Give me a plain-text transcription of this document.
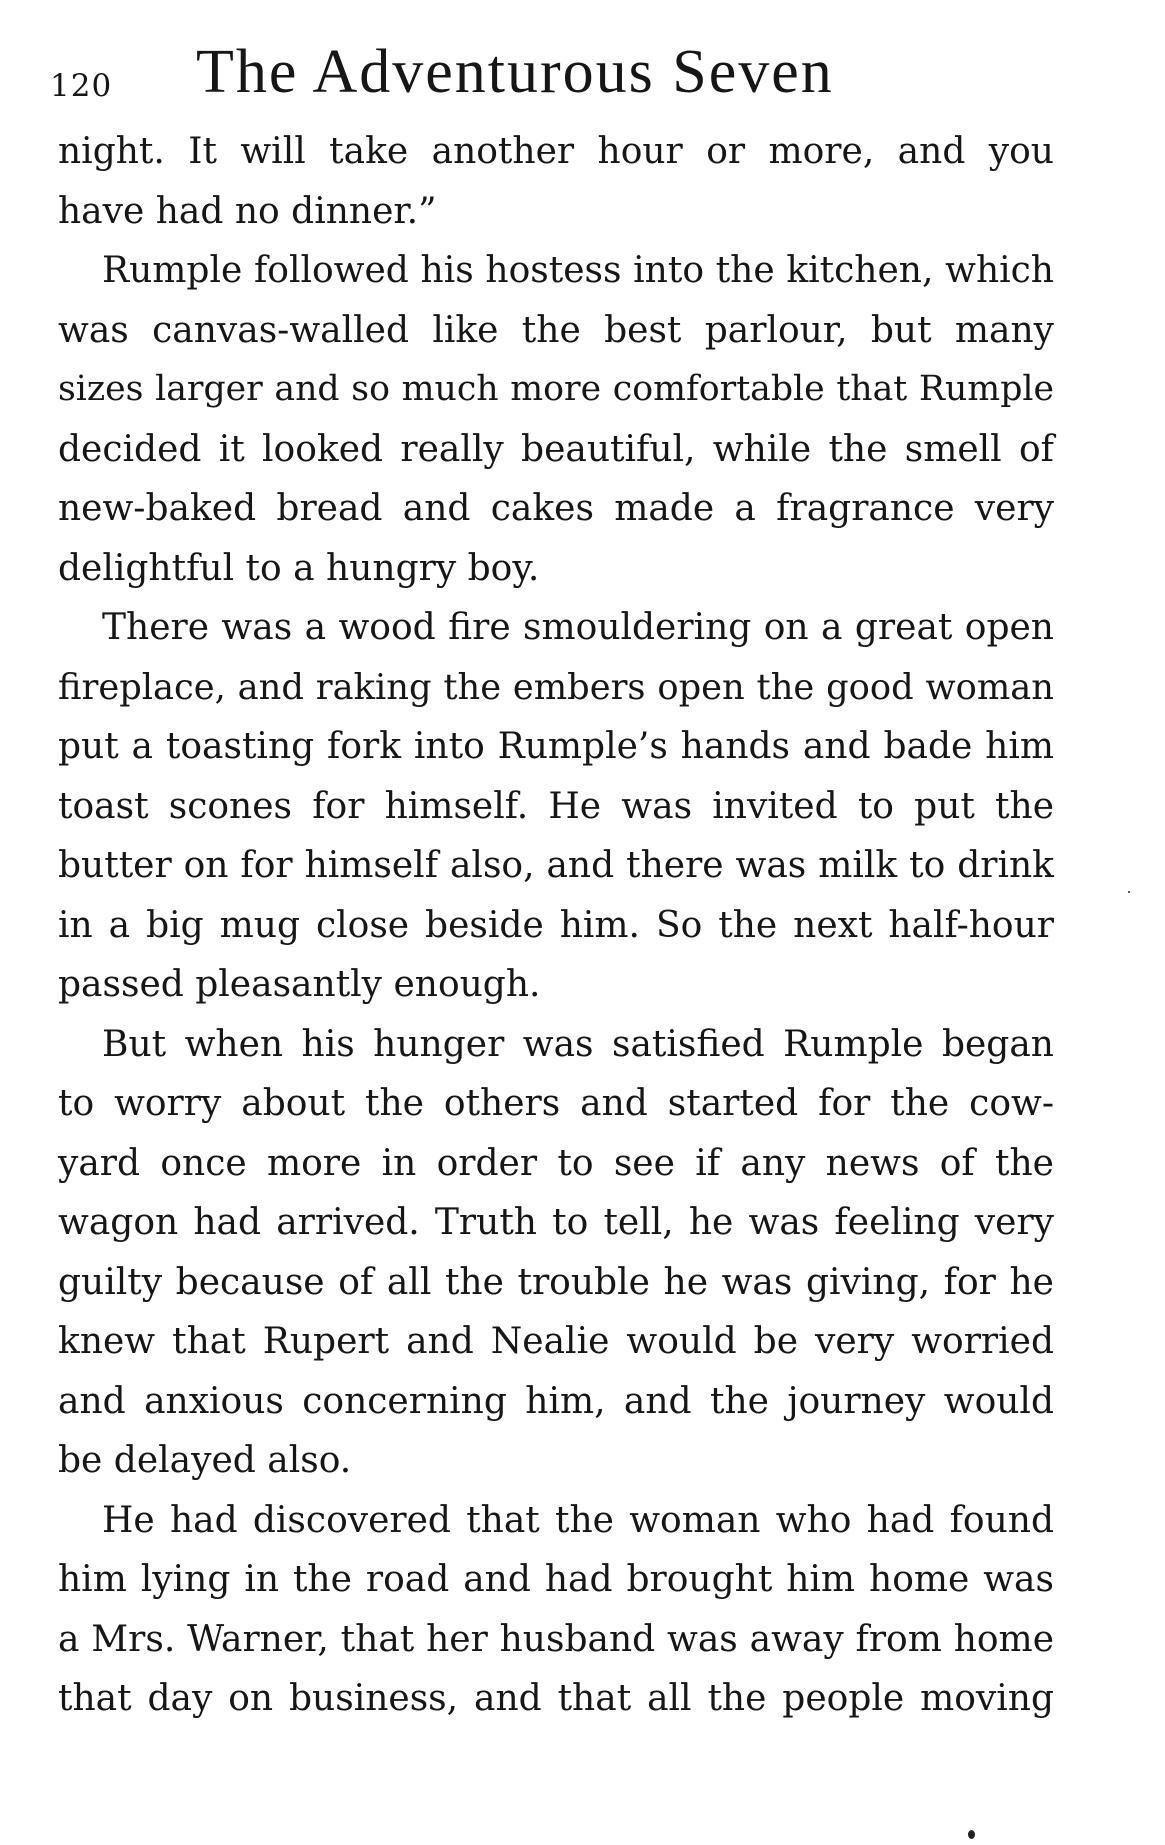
120 The Adventurous Seven
night. It will take another hour or more, and you
have had no dinner.”
Rumple followed his hostess into the kitchen, which
was canvas-walled like the best parlour, but many
sizes larger and so much more comfortable that Rumple
decided it looked really beautiful, while the smell of
new-baked bread and cakes made a fragrance very
delightful to a hungry boy.
There was a wood fire smouldering on a great open
fireplace, and raking the embers open the good woman
put a toasting fork into Rumple’s hands and bade him
toast scones for himself. He was invited to put the
butter on for himself also, and there was milk to drink
in a big mug close beside him. So the next half-hour
passed pleasantly enough.
But when his hunger was satisfied Rumple began
to worry about the others and started for the cow-
yard once more in order to see if any news of the
wagon had arrived. Truth to tell, he was feeling very
guilty because of all the trouble he was giving, for he
knew that Rupert and Nealie would be very worried
and anxious concerning him, and the journey would
be delayed also.
He had discovered that the woman who had found
him lying in the road and had brought him home was
a Mrs. Warner, that her husband was away from home
that day on business, and that all the people moving
